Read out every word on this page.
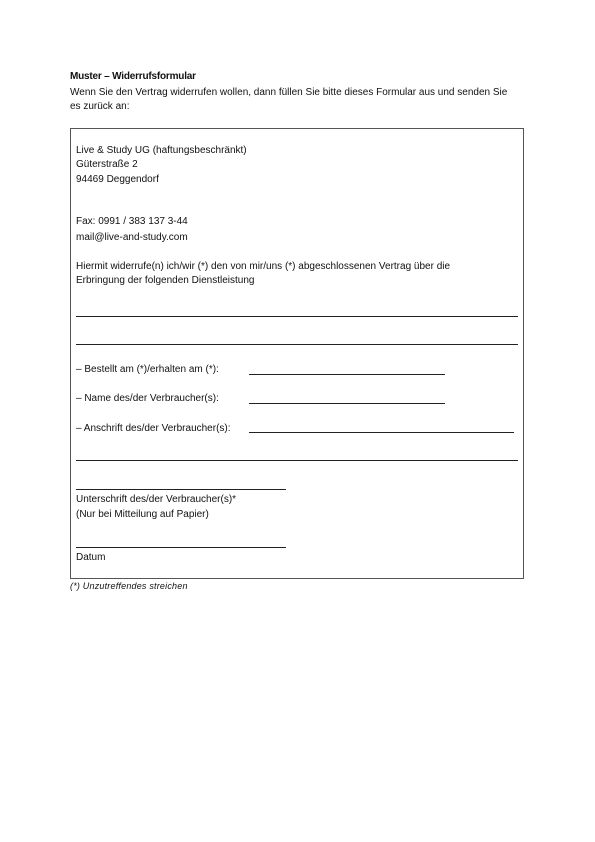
Muster – Widerrufsformular
Wenn Sie den Vertrag widerrufen wollen, dann füllen Sie bitte dieses Formular aus und senden Sie es zurück an:
Live & Study UG (haftungsbeschränkt)
Güterstraße 2
94469 Deggendorf
Fax: 0991 / 383 137 3-44
mail@live-and-study.com
Hiermit widerrufe(n) ich/wir (*) den von mir/uns (*) abgeschlossenen Vertrag über die
Erbringung der folgenden Dienstleistung
– Bestellt am (*)/erhalten am (*):
– Name des/der Verbraucher(s):
– Anschrift des/der Verbraucher(s):
Unterschrift des/der Verbraucher(s)*
(Nur bei Mitteilung auf Papier)
Datum
(*) Unzutreffendes streichen
